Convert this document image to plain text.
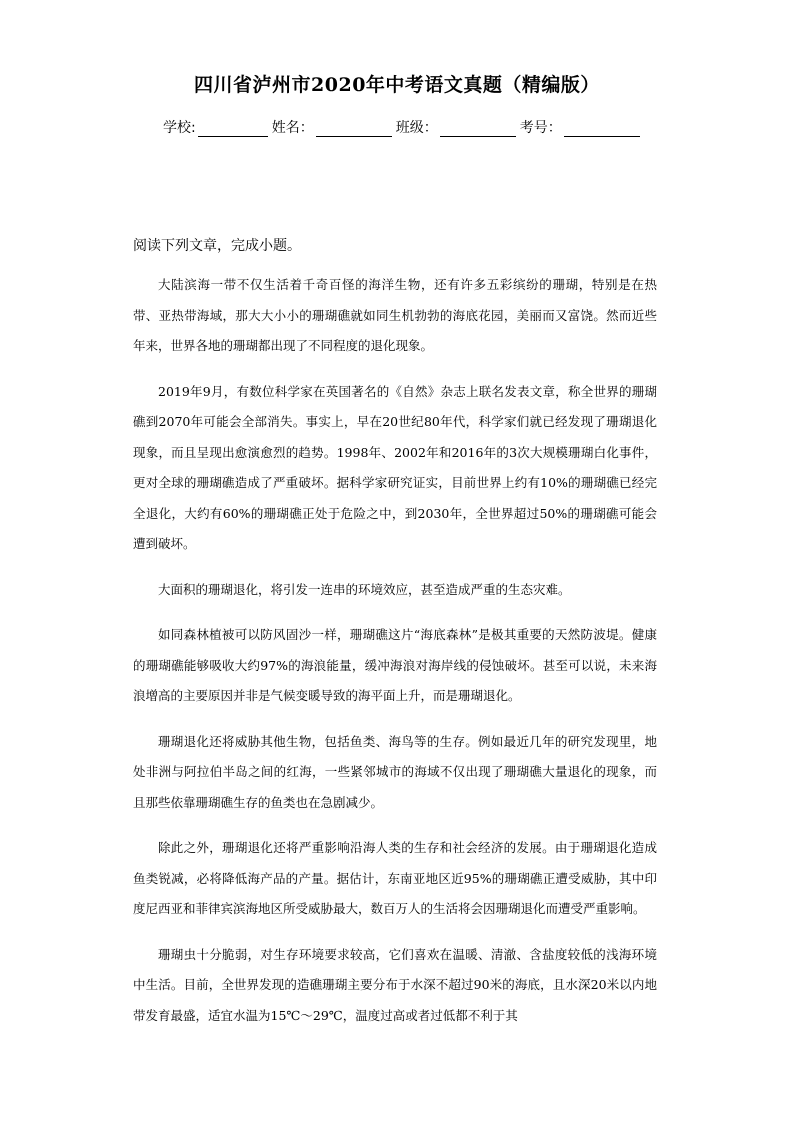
四川省泸州市2020年中考语文真题（精编版）
学校:	姓名：	班级：	考号：
阅读下列文章，完成小题。

大陆滨海一带不仅生活着千奇百怪的海洋生物，还有许多五彩缤纷的珊瑚，特别是在热带、亚热带海域，那大大小小的珊瑚礁就如同生机勃勃的海底花园，美丽而又富饶。然而近些年来，世界各地的珊瑚都出现了不同程度的退化现象。

2019年9月，有数位科学家在英国著名的《自然》杂志上联名发表文章，称全世界的珊瑚礁到2070年可能会全部消失。事实上，早在20世纪80年代，科学家们就已经发现了珊瑚退化现象，而且呈现出愈演愈烈的趋势。1998年、2002年和2016年的3次大规模珊瑚白化事件，更对全球的珊瑚礁造成了严重破坏。据科学家研究证实，目前世界上约有10%的珊瑚礁已经完全退化，大约有60%的珊瑚礁正处于危险之中，到2030年，全世界超过50%的珊瑚礁可能会遭到破坏。

大面积的珊瑚退化，将引发一连串的环境效应，甚至造成严重的生态灾难。

如同森林植被可以防风固沙一样，珊瑚礁这片“海底森林”是极其重要的天然防波堤。健康的珊瑚礁能够吸收大约97%的海浪能量，缓冲海浪对海岸线的侵蚀破坏。甚至可以说，未来海浪增高的主要原因并非是气候变暖导致的海平面上升，而是珊瑚退化。

珊瑚退化还将威胁其他生物，包括鱼类、海鸟等的生存。例如最近几年的研究发现里，地处非洲与阿拉伯半岛之间的红海，一些紧邻城市的海域不仅出现了珊瑚礁大量退化的现象，而且那些依靠珊瑚礁生存的鱼类也在急剧减少。

除此之外，珊瑚退化还将严重影响沿海人类的生存和社会经济的发展。由于珊瑚退化造成鱼类锐减，必将降低海产品的产量。据估计，东南亚地区近95%的珊瑚礁正遭受威胁，其中印度尼西亚和菲律宾滨海地区所受威胁最大，数百万人的生活将会因珊瑚退化而遭受严重影响。

珊瑚虫十分脆弱，对生存环境要求较高，它们喜欢在温暖、清澈、含盐度较低的浅海环境中生活。目前，全世界发现的造礁珊瑚主要分布于水深不超过90米的海底，且水深20米以内地带发育最盛，适宜水温为15℃～29℃，温度过高或者过低都不利于其
